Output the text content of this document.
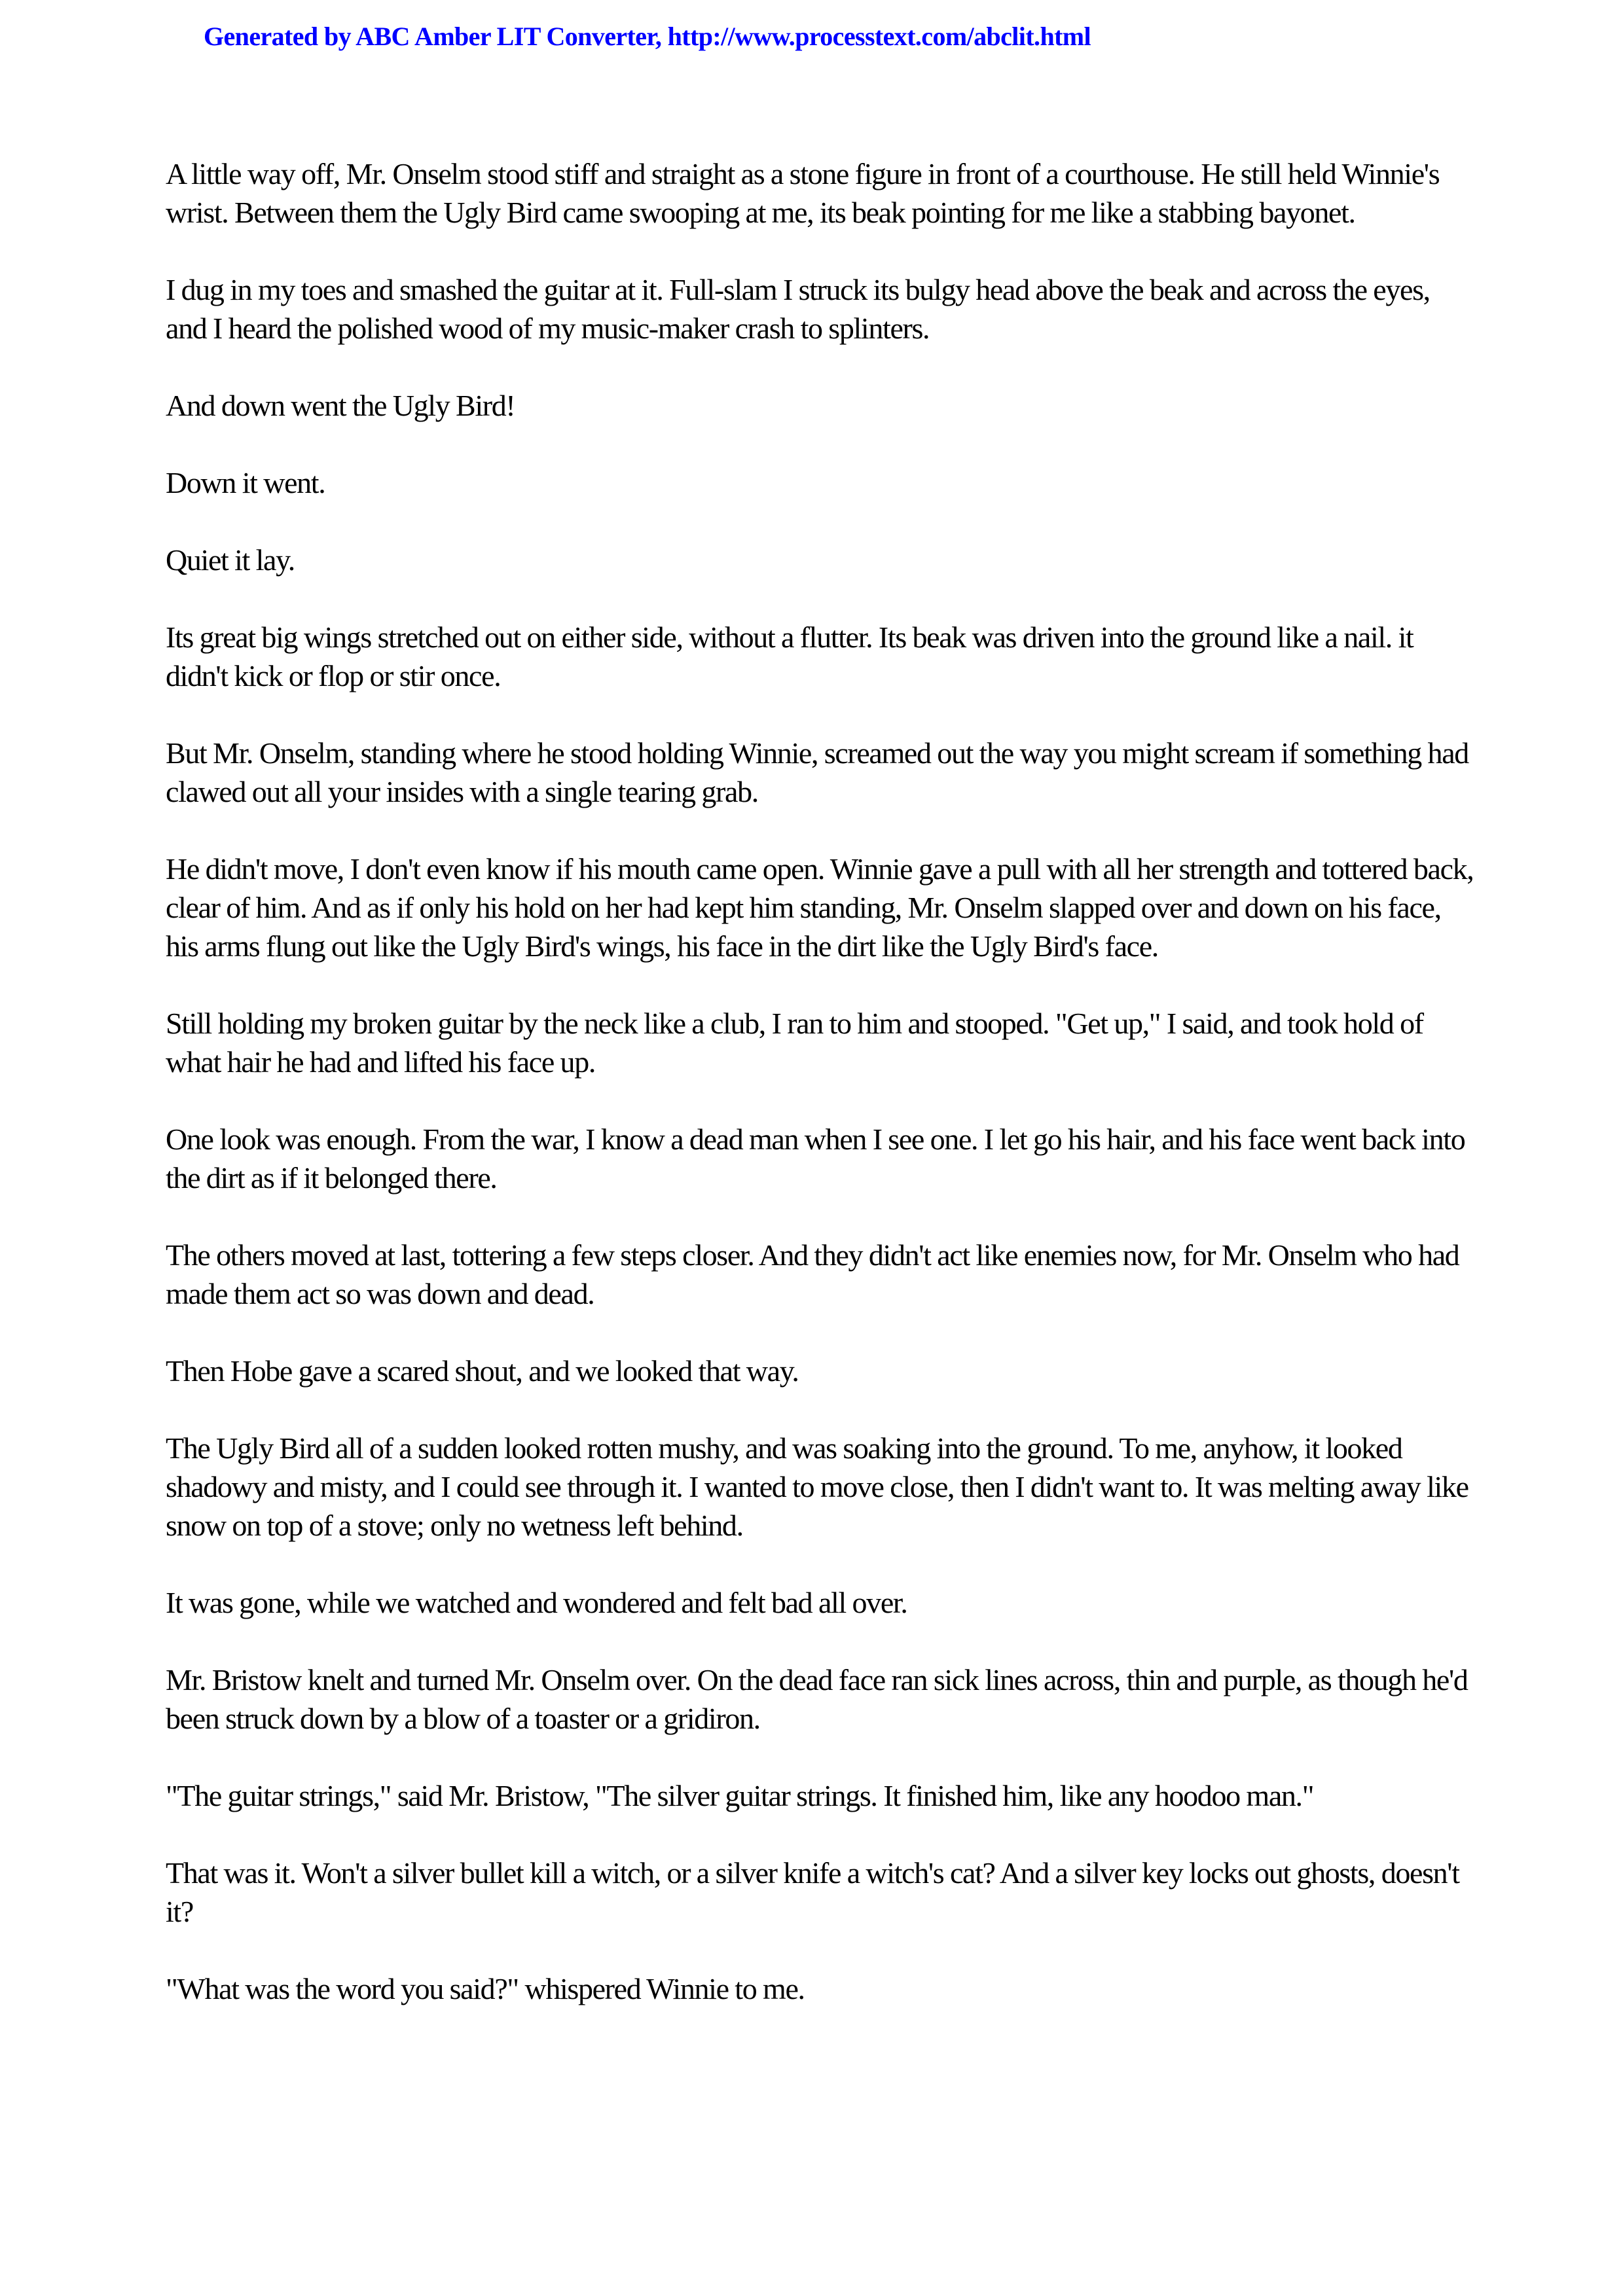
Generated by ABC Amber LIT Converter, http://www.processtext.com/abclit.html

A little way off, Mr. Onselm stood stiff and straight as a stone figure in front of a courthouse. He still held Winnie's wrist. Between them the Ugly Bird came swooping at me, its beak pointing for me like a stabbing bayonet.

I dug in my toes and smashed the guitar at it. Full-slam I struck its bulgy head above the beak and across the eyes, and I heard the polished wood of my music-maker crash to splinters.

And down went the Ugly Bird!

Down it went.

Quiet it lay.

Its great big wings stretched out on either side, without a flutter. Its beak was driven into the ground like a nail. it didn't kick or flop or stir once.

But Mr. Onselm, standing where he stood holding Winnie, screamed out the way you might scream if something had clawed out all your insides with a single tearing grab.

He didn't move, I don't even know if his mouth came open. Winnie gave a pull with all her strength and tottered back, clear of him. And as if only his hold on her had kept him standing, Mr. Onselm slapped over and down on his face, his arms flung out like the Ugly Bird's wings, his face in the dirt like the Ugly Bird's face.

Still holding my broken guitar by the neck like a club, I ran to him and stooped. "Get up," I said, and took hold of what hair he had and lifted his face up.

One look was enough. From the war, I know a dead man when I see one. I let go his hair, and his face went back into the dirt as if it belonged there.

The others moved at last, tottering a few steps closer. And they didn't act like enemies now, for Mr. Onselm who had made them act so was down and dead.

Then Hobe gave a scared shout, and we looked that way.

The Ugly Bird all of a sudden looked rotten mushy, and was soaking into the ground. To me, anyhow, it looked shadowy and misty, and I could see through it. I wanted to move close, then I didn't want to. It was melting away like snow on top of a stove; only no wetness left behind.

It was gone, while we watched and wondered and felt bad all over.

Mr. Bristow knelt and turned Mr. Onselm over. On the dead face ran sick lines across, thin and purple, as though he'd been struck down by a blow of a toaster or a gridiron.

"The guitar strings," said Mr. Bristow, "The silver guitar strings. It finished him, like any hoodoo man."

That was it. Won't a silver bullet kill a witch, or a silver knife a witch's cat? And a silver key locks out ghosts, doesn't it?

"What was the word you said?" whispered Winnie to me.
